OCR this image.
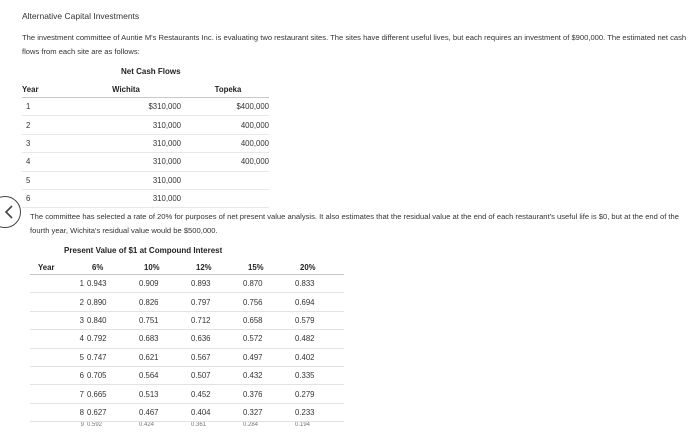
Alternative Capital Investments
The investment committee of Auntie M's Restaurants Inc. is evaluating two restaurant sites. The sites have different useful lives, but each requires an investment of $900,000. The estimated net cash flows from each site are as follows:
Net Cash Flows
Year	Wichita	Topeka
1	$310,000	$400,000
2	310,000	400,000
3	310,000	400,000
4	310,000	400,000
5	310,000	
6	310,000	
The committee has selected a rate of 20% for purposes of net present value analysis. It also estimates that the residual value at the end of each restaurant's useful life is $0, but at the end of the fourth year, Wichita's residual value would be $500,000.
Present Value of $1 at Compound Interest
Year	6%	10%	12%	15%	20%
1	0.943	0.909	0.893	0.870	0.833
2	0.890	0.826	0.797	0.756	0.694
3	0.840	0.751	0.712	0.658	0.579
4	0.792	0.683	0.636	0.572	0.482
5	0.747	0.621	0.567	0.497	0.402
6	0.705	0.564	0.507	0.432	0.335
7	0.665	0.513	0.452	0.376	0.279
8	0.627	0.467	0.404	0.327	0.233
9	0.592	0.424	0.361	0.284	0.194
